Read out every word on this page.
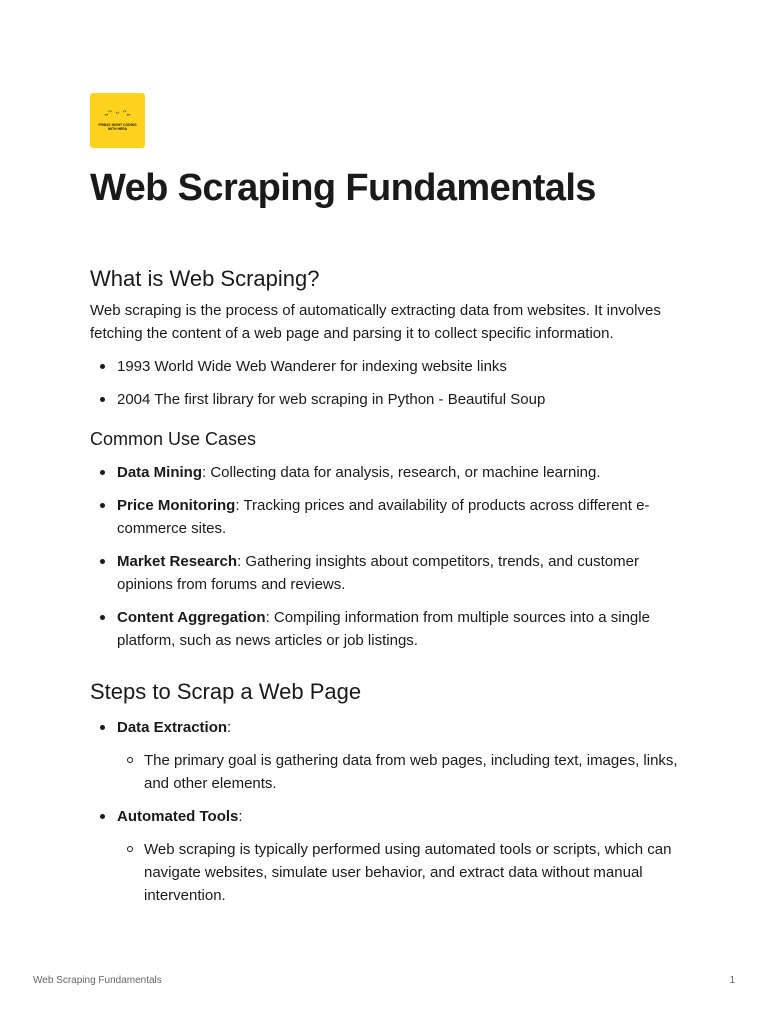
˶ᵔ ᵕ ᵔ˶
FRIDAY NIGHT CODING WITH HERA
Web Scraping Fundamentals
What is Web Scraping?

Web scraping is the process of automatically extracting data from websites. It involves fetching the content of a web page and parsing it to collect specific information.

1993 World Wide Web Wanderer for indexing website links
2004 The first library for web scraping in Python - Beautiful Soup
Common Use Cases
Data Mining: Collecting data for analysis, research, or machine learning.
Price Monitoring: Tracking prices and availability of products across different e-commerce sites.
Market Research: Gathering insights about competitors, trends, and customer opinions from forums and reviews.
Content Aggregation: Compiling information from multiple sources into a single platform, such as news articles or job listings.
Steps to Scrap a Web Page
Data Extraction:
The primary goal is gathering data from web pages, including text, images, links, and other elements.
Automated Tools:
Web scraping is typically performed using automated tools or scripts, which can navigate websites, simulate user behavior, and extract data without manual intervention.
Web Scraping Fundamentals	1
